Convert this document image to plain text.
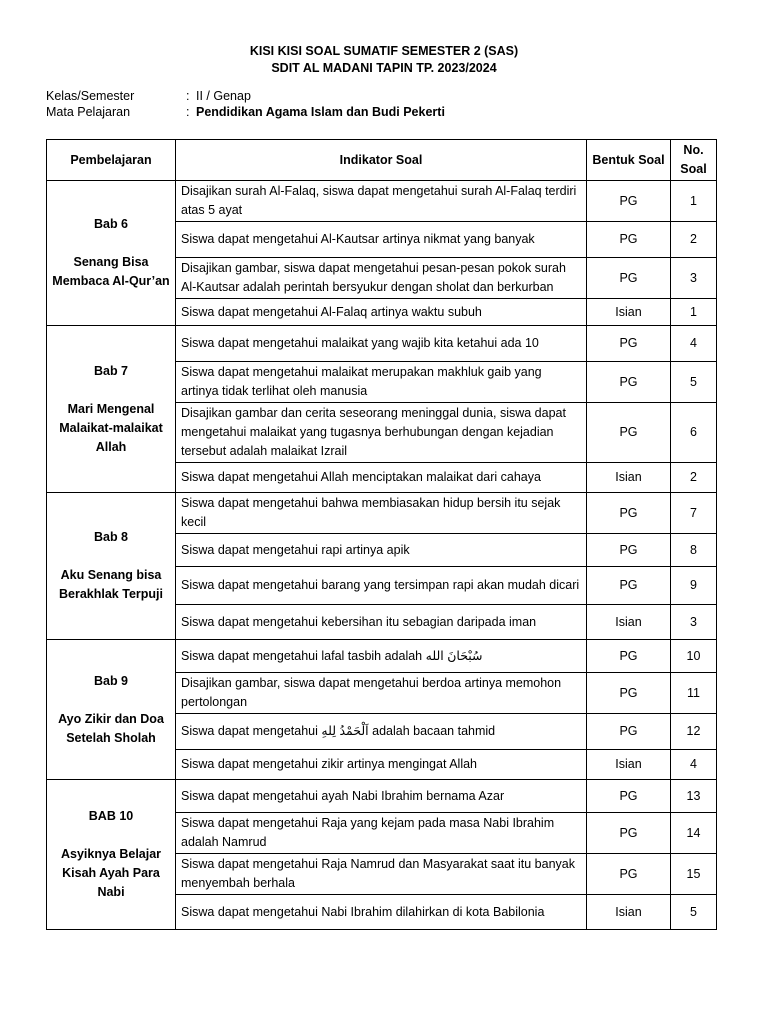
KISI KISI SOAL SUMATIF SEMESTER 2 (SAS)
SDIT AL MADANI TAPIN TP. 2023/2024
Kelas/Semester	: II / Genap
Mata Pelajaran	: Pendidikan Agama Islam dan Budi Pekerti
Pembelajaran	Indikator Soal	Bentuk Soal	No.
Soal

Bab 6
Senang Bisa Membaca Al-Qur’an	Disajikan surah Al-Falaq, siswa dapat mengetahui surah Al-Falaq terdiri atas 5 ayat	PG	1
	Siswa dapat mengetahui Al-Kautsar artinya nikmat yang banyak	PG	2
	Disajikan gambar, siswa dapat mengetahui pesan-pesan pokok surah Al-Kautsar adalah perintah bersyukur dengan sholat dan berkurban	PG	3
	Siswa dapat mengetahui Al-Falaq artinya waktu subuh	Isian	1

Bab 7
Mari Mengenal Malaikat-malaikat Allah	Siswa dapat mengetahui malaikat yang wajib kita ketahui ada 10	PG	4
	Siswa dapat mengetahui malaikat merupakan makhluk gaib yang artinya tidak terlihat oleh manusia	PG	5
	Disajikan gambar dan cerita seseorang meninggal dunia, siswa dapat mengetahui malaikat yang tugasnya berhubungan dengan kejadian tersebut adalah malaikat Izrail	PG	6
	Siswa dapat mengetahui Allah menciptakan malaikat dari cahaya	Isian	2

Bab 8
Aku Senang bisa Berakhlak Terpuji	Siswa dapat mengetahui bahwa membiasakan hidup bersih itu sejak kecil	PG	7
	Siswa dapat mengetahui rapi artinya apik	PG	8
	Siswa dapat mengetahui barang yang tersimpan rapi akan mudah dicari	PG	9
	Siswa dapat mengetahui kebersihan itu sebagian daripada iman	Isian	3

Bab 9
Ayo Zikir dan Doa Setelah Sholah	Siswa dapat mengetahui lafal tasbih adalah سُبْحَانَ الله	PG	10
	Disajikan gambar, siswa dapat mengetahui berdoa artinya memohon pertolongan	PG	11
	Siswa dapat mengetahui اَلْحَمْدُ لِلهِ adalah bacaan tahmid	PG	12
	Siswa dapat mengetahui zikir artinya mengingat Allah	Isian	4

BAB 10
Asyiknya Belajar Kisah Ayah Para Nabi	Siswa dapat mengetahui ayah Nabi Ibrahim bernama Azar	PG	13
	Siswa dapat mengetahui Raja yang kejam pada masa Nabi Ibrahim adalah Namrud	PG	14
	Siswa dapat mengetahui Raja Namrud dan Masyarakat saat itu banyak menyembah berhala	PG	15
	Siswa dapat mengetahui Nabi Ibrahim dilahirkan di kota Babilonia	Isian	5
